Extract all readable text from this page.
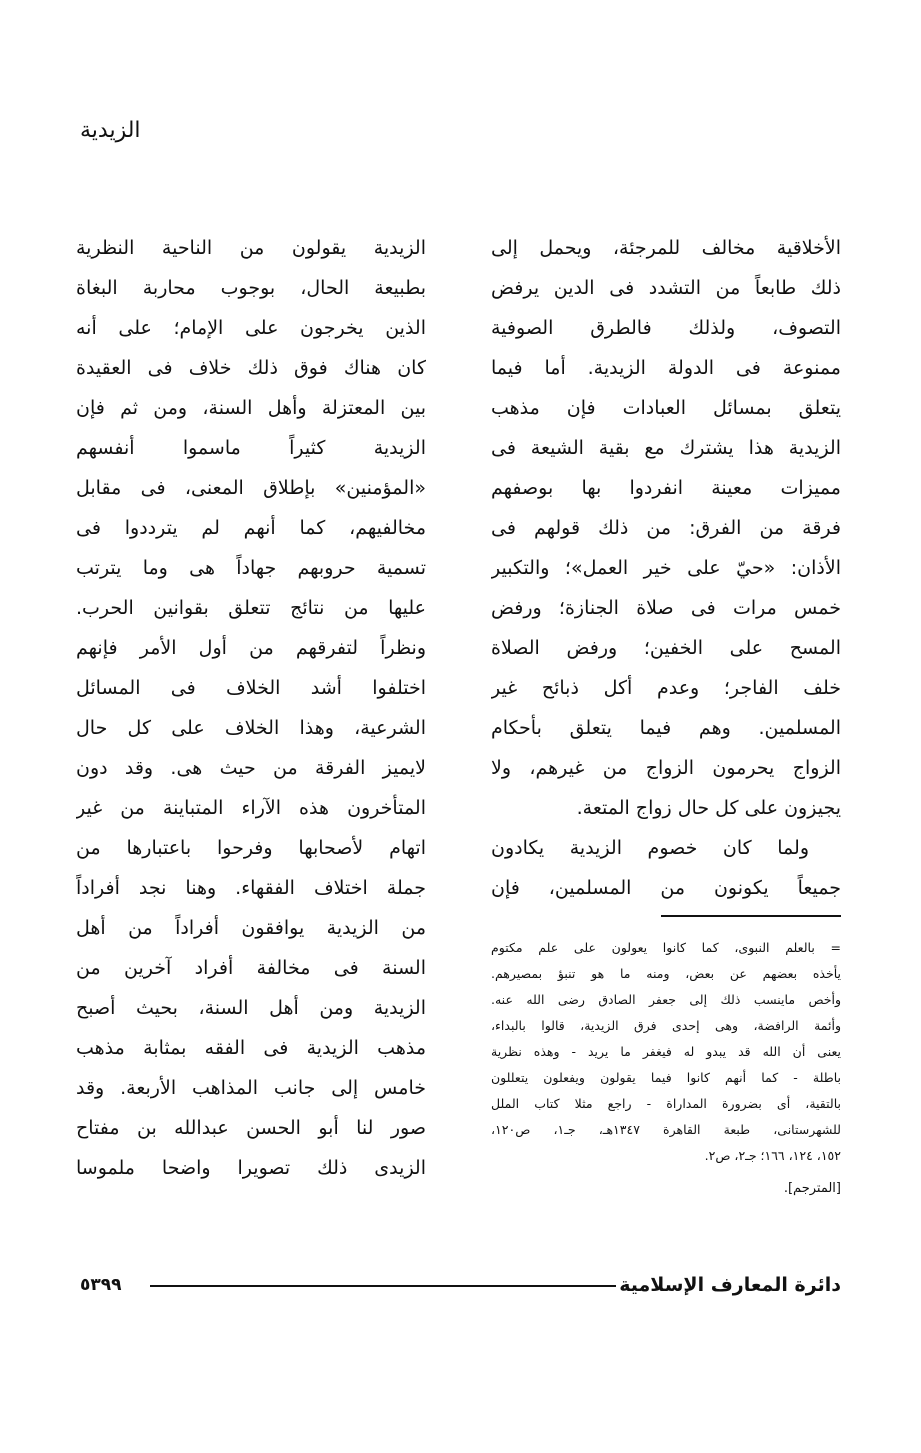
الزيدية
الأخلاقية مخالف للمرجئة، ويحمل إلى
ذلك طابعاً من التشدد فى الدين يرفض
التصوف، ولذلك فالطرق الصوفية
ممنوعة فى الدولة الزيدية. أما فيما
يتعلق بمسائل العبادات فإن مذهب
الزيدية هذا يشترك مع بقية الشيعة فى
مميزات معينة انفردوا بها بوصفهم
فرقة من الفرق: من ذلك قولهم فى
الأذان: «حيّ على خير العمل»؛ والتكبير
خمس مرات فى صلاة الجنازة؛ ورفض
المسح على الخفين؛ ورفض الصلاة
خلف الفاجر؛ وعدم أكل ذبائح غير
المسلمين. وهم فيما يتعلق بأحكام
الزواج يحرمون الزواج من غيرهم، ولا
يجيزون على كل حال زواج المتعة.
ولما كان خصوم الزيدية يكادون
جميعاً يكونون من المسلمين، فإن
= بالعلم النبوى، كما كانوا يعولون على علم مكتوم
يأخذه بعضهم عن بعض، ومنه ما هو تنبؤ بمصيرهم.
وأخص ماينسب ذلك إلى جعفر الصادق رضى الله عنه.
وأئمة الرافضة، وهى إحدى فرق الزيدية، قالوا بالبداء،
يعنى أن الله قد يبدو له فيغفر ما يريد - وهذه نظرية
باطلة - كما أنهم كانوا فيما يقولون ويفعلون يتعللون
بالتقية، أى بضرورة المداراة - راجع مثلا كتاب الملل
للشهرستانى، طبعة القاهرة ١٣٤٧هـ، جـ١، ص١٢٠،
١٥٢، ١٢٤، ١٦٦؛ جـ٢، ص٢.
[المترجم].
الزيدية يقولون من الناحية النظرية
بطبيعة الحال، بوجوب محاربة البغاة
الذين يخرجون على الإمام؛ على أنه
كان هناك فوق ذلك خلاف فى العقيدة
بين المعتزلة وأهل السنة، ومن ثم فإن
الزيدية كثيراً ماسموا أنفسهم
«المؤمنين» بإطلاق المعنى، فى مقابل
مخالفيهم، كما أنهم لم يترددوا فى
تسمية حروبهم جهاداً هى وما يترتب
عليها من نتائج تتعلق بقوانين الحرب.
ونظراً لتفرقهم من أول الأمر فإنهم
اختلفوا أشد الخلاف فى المسائل
الشرعية، وهذا الخلاف على كل حال
لايميز الفرقة من حيث هى. وقد دون
المتأخرون هذه الآراء المتباينة من غير
اتهام لأصحابها وفرحوا باعتبارها من
جملة اختلاف الفقهاء. وهنا نجد أفراداً
من الزيدية يوافقون أفراداً من أهل
السنة فى مخالفة أفراد آخرين من
الزيدية ومن أهل السنة، بحيث أصبح
مذهب الزيدية فى الفقه بمثابة مذهب
خامس إلى جانب المذاهب الأربعة. وقد
صور لنا أبو الحسن عبدالله بن مفتاح
الزيدى ذلك تصويرا واضحا ملموسا
دائرة المعارف الإسلامية
٥٣٩٩
